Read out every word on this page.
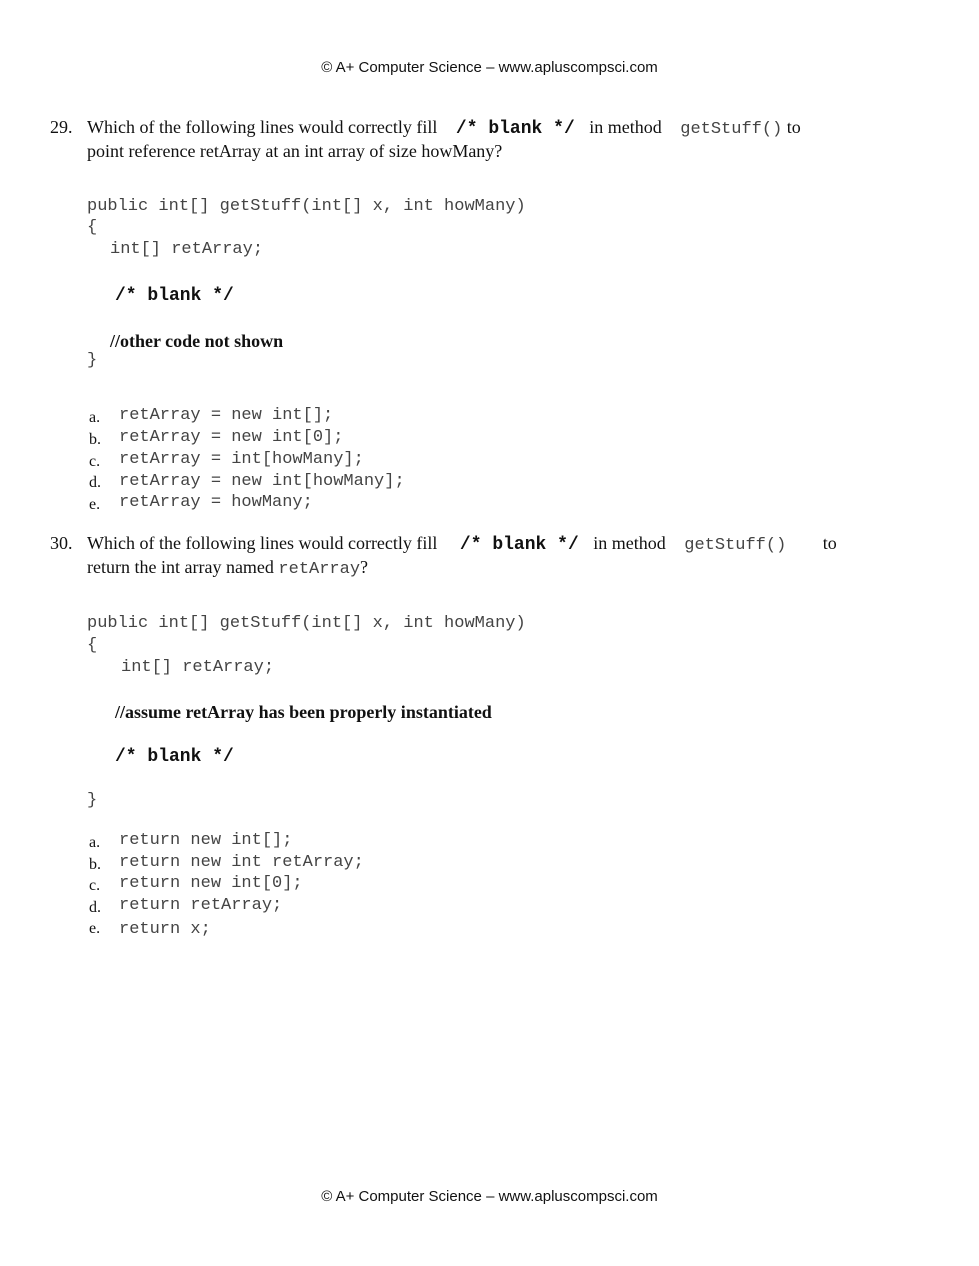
© A+ Computer Science – www.apluscompsci.com
29. Which of the following lines would correctly fill /* blank */ in method getStuff() to
point reference retArray at an int array of size howMany?
public int[] getStuff(int[] x, int howMany)
{
int[] retArray;
/* blank */
//other code not shown
}
a. retArray = new int[];
b. retArray = new int[0];
c. retArray = int[howMany];
d. retArray = new int[howMany];
e. retArray = howMany;
30. Which of the following lines would correctly fill /* blank */ in method getStuff() to
return the int array named retArray?
public int[] getStuff(int[] x, int howMany)
{
int[] retArray;
//assume retArray has been properly instantiated
/* blank */
}
a. return new int[];
b. return new int retArray;
c. return new int[0];
d. return retArray;
e. return x;
© A+ Computer Science – www.apluscompsci.com
